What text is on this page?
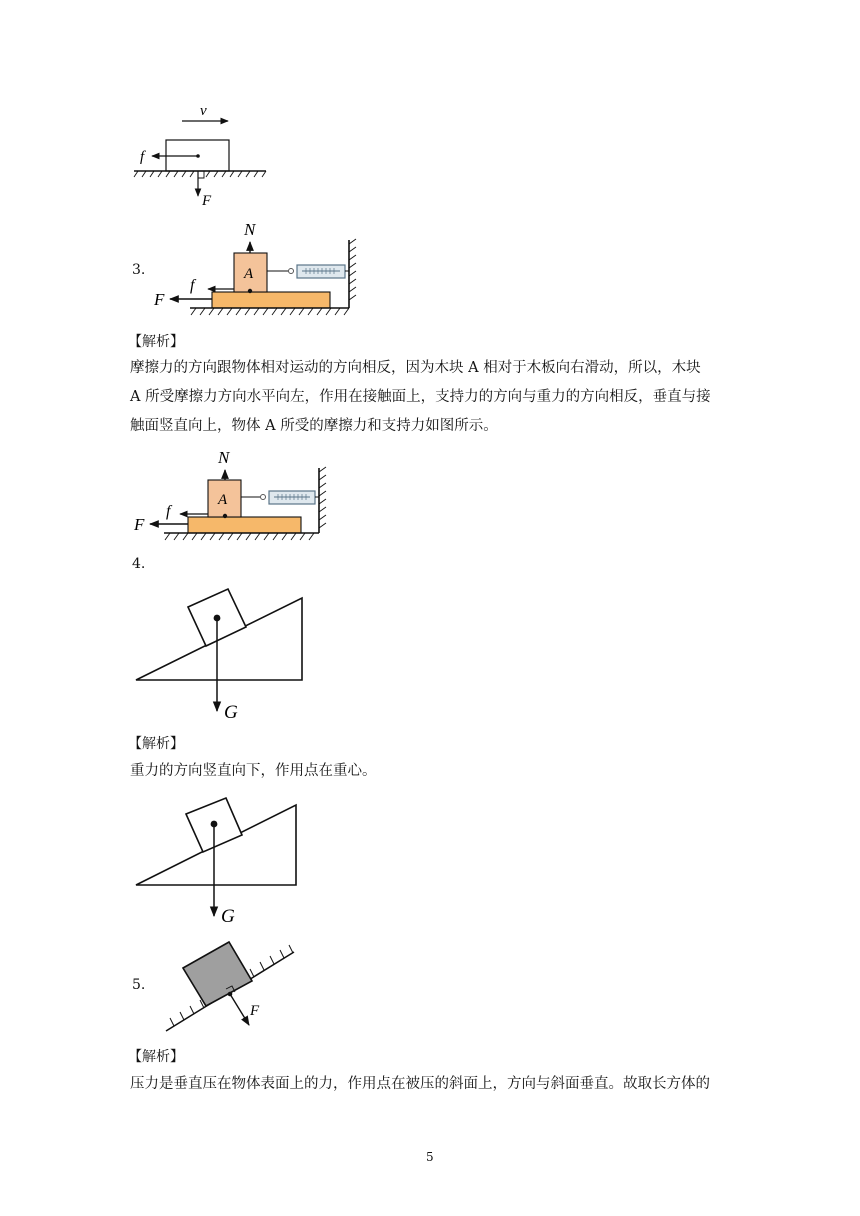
v
f
F
3.
N
A
F
f
【解析】
摩擦力的方向跟物体相对运动的方向相反，因为木块 A 相对于木板向右滑动，所以，木块
A 所受摩擦力方向水平向左，作用在接触面上，支持力的方向与重力的方向相反，垂直与接
触面竖直向上，物体 A 所受的摩擦力和支持力如图所示。
N
A
F
f
4.
G
【解析】
重力的方向竖直向下，作用点在重心。
G
5.
F
【解析】
压力是垂直压在物体表面上的力，作用点在被压的斜面上，方向与斜面垂直。故取长方体的
5
